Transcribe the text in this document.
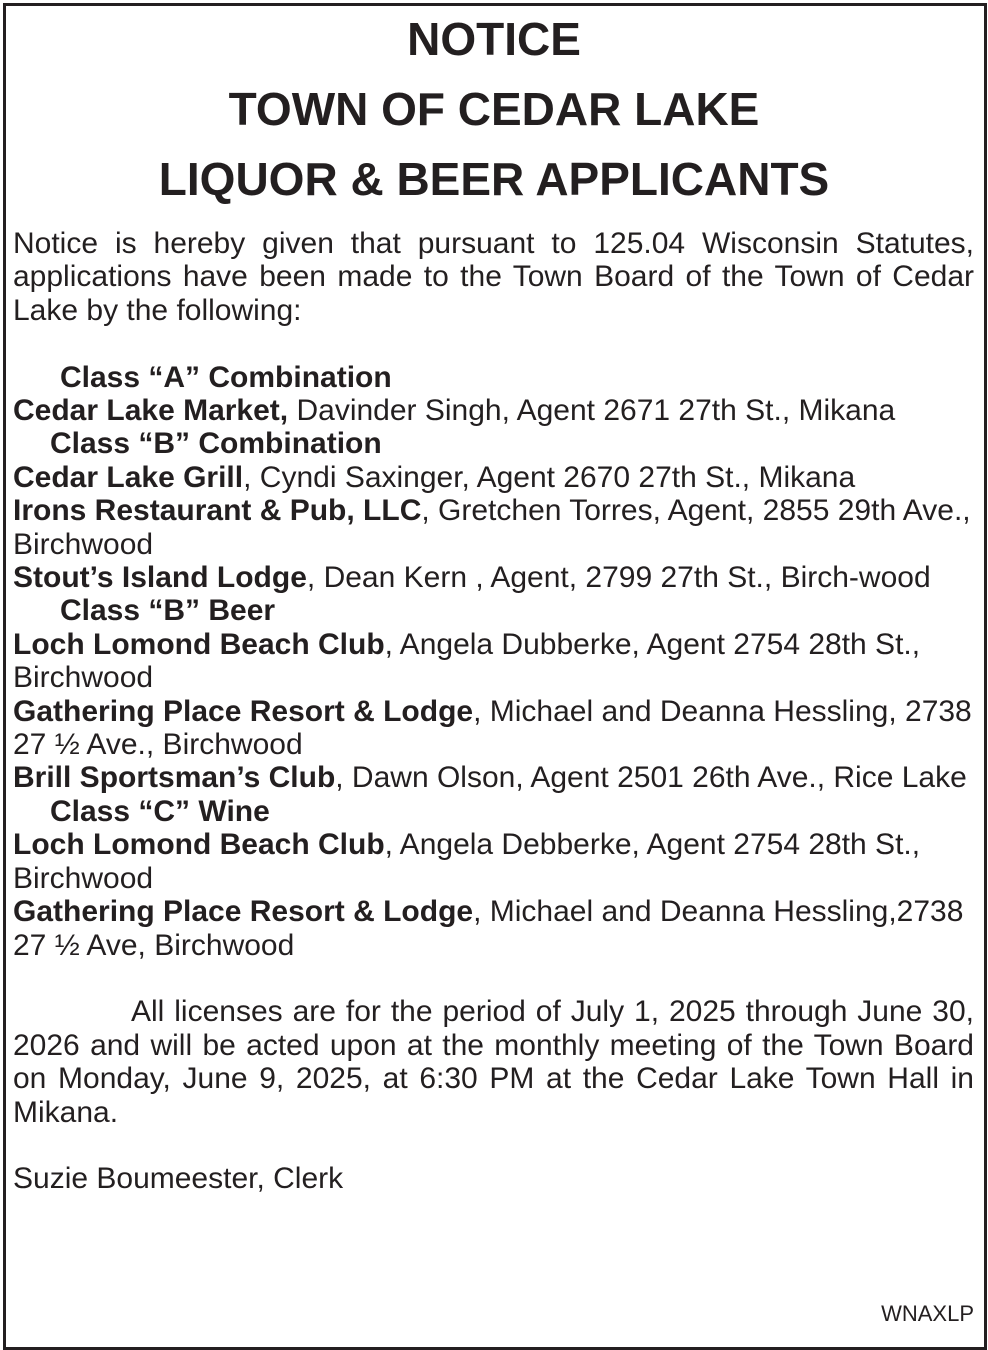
NOTICE
TOWN OF CEDAR LAKE
LIQUOR & BEER APPLICANTS
Notice is hereby given that pursuant to 125.04 Wisconsin Statutes, applications have been made to the Town Board of the Town of Cedar Lake by the following:
Class “A” Combination
Cedar Lake Market, Davinder Singh, Agent 2671 27th St., Mikana
Class “B” Combination
Cedar Lake Grill, Cyndi Saxinger, Agent 2670 27th St., Mikana
Irons Restaurant & Pub, LLC, Gretchen Torres, Agent, 2855 29th Ave., Birchwood
Stout’s Island Lodge, Dean Kern , Agent, 2799 27th St., Birch-wood
Class “B” Beer
Loch Lomond Beach Club, Angela Dubberke, Agent 2754 28th St., Birchwood
Gathering Place Resort & Lodge, Michael and Deanna Hessling, 2738 27 ½ Ave., Birchwood
Brill Sportsman’s Club, Dawn Olson, Agent 2501 26th Ave., Rice Lake
Class “C” Wine
Loch Lomond Beach Club, Angela Debberke, Agent 2754 28th St., Birchwood
Gathering Place Resort & Lodge, Michael and Deanna Hessling,2738 27 ½ Ave, Birchwood
All licenses are for the period of July 1, 2025 through June 30, 2026 and will be acted upon at the monthly meeting of the Town Board on Monday, June 9, 2025, at 6:30 PM at the Cedar Lake Town Hall in Mikana.
Suzie Boumeester, Clerk
WNAXLP
